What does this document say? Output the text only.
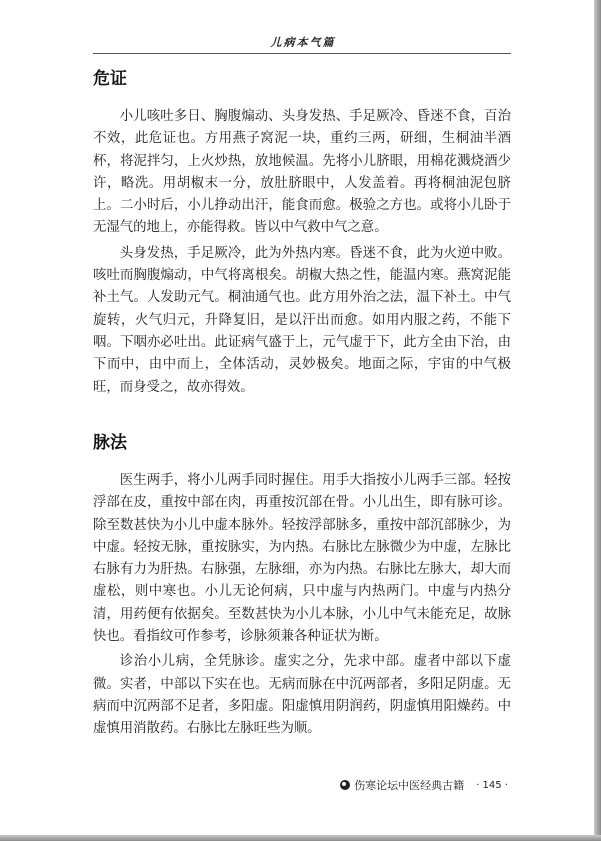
儿病本气篇
危证

小儿咳吐多日、胸腹煽动、头身发热、手足厥冷、昏迷不食，百治不效，此危证也。方用燕子窝泥一块，重约三两，研细，生桐油半酒杯，将泥拌匀，上火炒热，放地候温。先将小儿脐眼，用棉花溅烧酒少许，略洗。用胡椒末一分，放肚脐眼中，人发盖着。再将桐油泥包脐上。二小时后，小儿挣动出汗，能食而愈。极验之方也。或将小儿卧于无湿气的地上，亦能得救。皆以中气救中气之意。

头身发热，手足厥冷，此为外热内寒。昏迷不食，此为火逆中败。咳吐而胸腹煽动，中气将离根矣。胡椒大热之性，能温内寒。燕窝泥能补土气。人发助元气。桐油通气也。此方用外治之法，温下补土。中气旋转，火气归元，升降复旧，是以汗出而愈。如用内服之药，不能下咽。下咽亦必吐出。此证病气盛于上，元气虚于下，此方全由下治，由下而中，由中而上，全体活动，灵妙极矣。地面之际，宇宙的中气极旺，而身受之，故亦得效。

脉法

医生两手，将小儿两手同时握住。用手大指按小儿两手三部。轻按浮部在皮，重按中部在肉，再重按沉部在骨。小儿出生，即有脉可诊。除至数甚快为小儿中虚本脉外。轻按浮部脉多，重按中部沉部脉少，为中虚。轻按无脉，重按脉实，为内热。右脉比左脉微少为中虚，左脉比右脉有力为肝热。右脉强，左脉细，亦为内热。右脉比左脉大，却大而虚松，则中寒也。小儿无论何病，只中虚与内热两门。中虚与内热分清，用药便有依据矣。至数甚快为小儿本脉，小儿中气未能充足，故脉快也。看指纹可作参考，诊脉须兼各种证状为断。

诊治小儿病，全凭脉诊。虚实之分，先求中部。虚者中部以下虚微。实者，中部以下实在也。无病而脉在中沉两部者，多阳足阴虚。无病而中沉两部不足者，多阳虚。阳虚慎用阴润药，阴虚慎用阳燥药。中虚慎用消散药。右脉比左脉旺些为顺。

伤寒论坛中医经典古籍 · 145 ·
